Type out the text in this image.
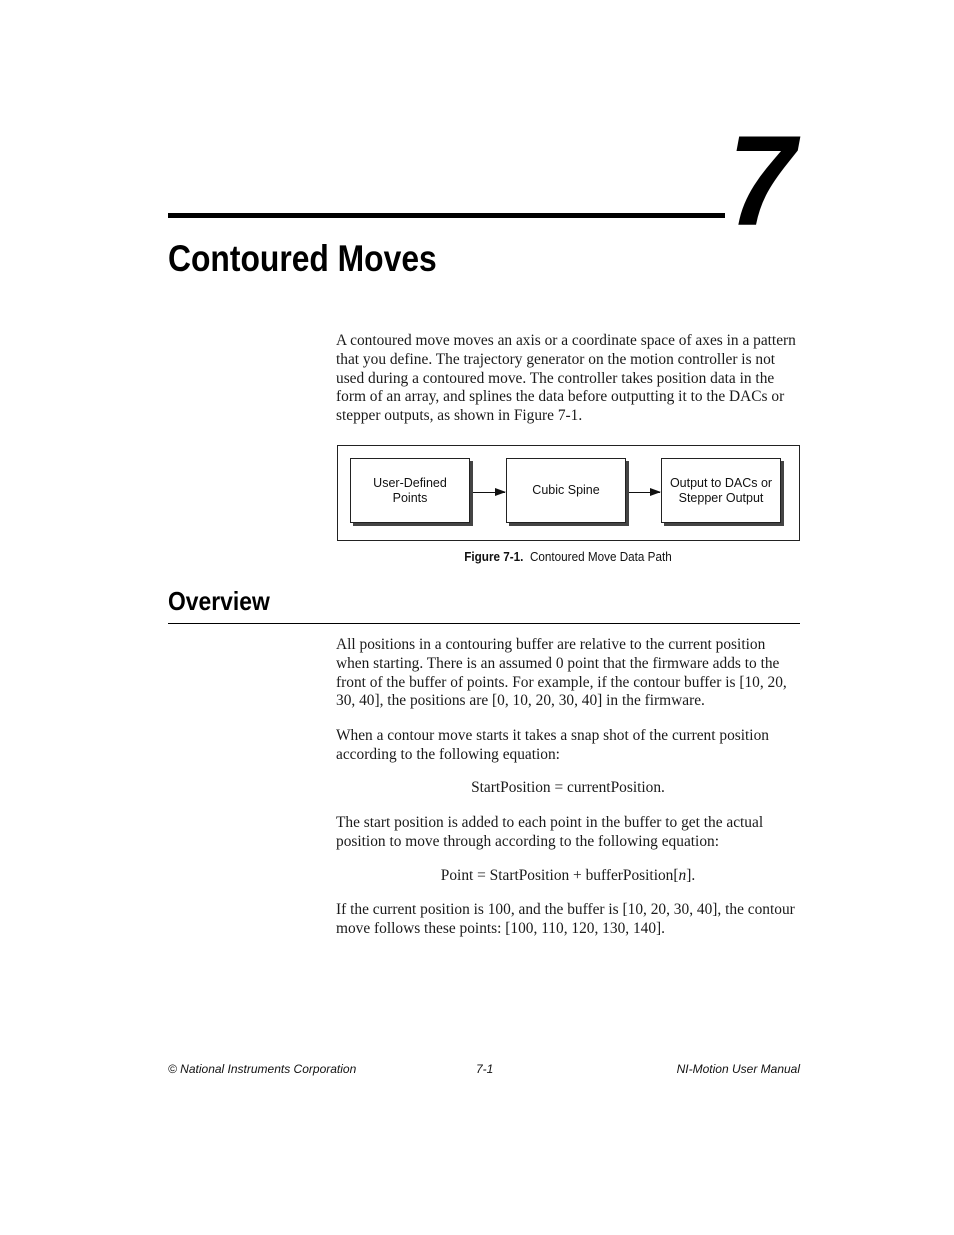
7
Contoured Moves
A contoured move moves an axis or a coordinate space of axes in a pattern that you define. The trajectory generator on the motion controller is not used during a contoured move. The controller takes position data in the form of an array, and splines the data before outputting it to the DACs or stepper outputs, as shown in Figure 7-1.
User-Defined Points
Cubic Spine
Output to DACs or Stepper Output
Figure 7-1. Contoured Move Data Path
Overview
All positions in a contouring buffer are relative to the current position when starting. There is an assumed 0 point that the firmware adds to the front of the buffer of points. For example, if the contour buffer is [10, 20, 30, 40], the positions are [0, 10, 20, 30, 40] in the firmware.
When a contour move starts it takes a snap shot of the current position according to the following equation:
StartPosition = currentPosition.
The start position is added to each point in the buffer to get the actual position to move through according to the following equation:
Point = StartPosition + bufferPosition[n].
If the current position is 100, and the buffer is [10, 20, 30, 40], the contour move follows these points: [100, 110, 120, 130, 140].
© National Instruments Corporation	7-1	NI-Motion User Manual
